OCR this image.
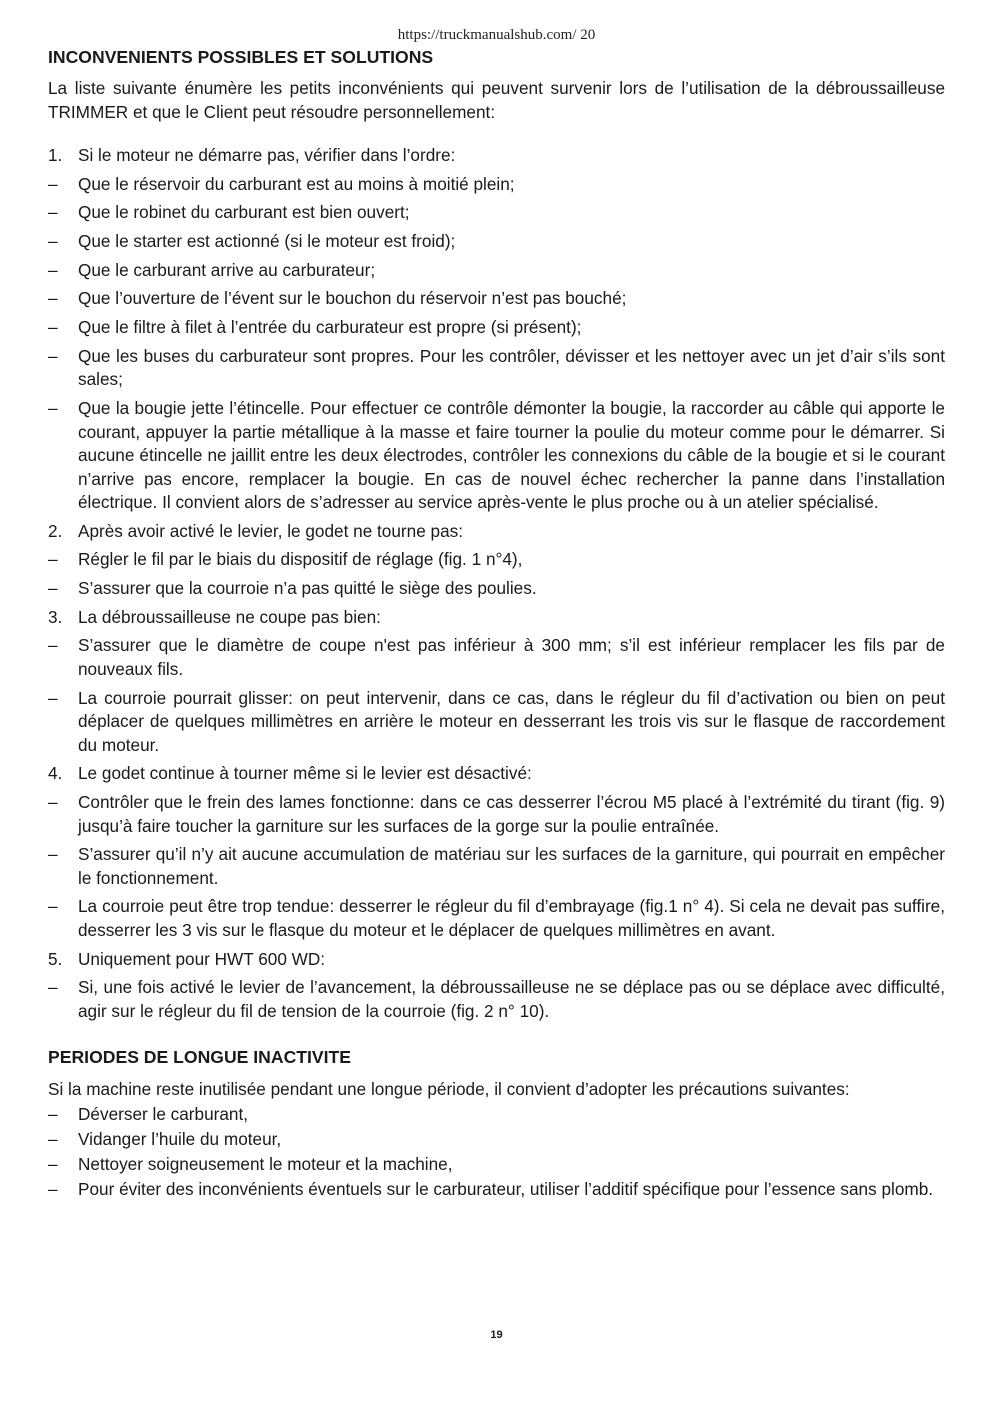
https://truckmanualshub.com/ 20
INCONVENIENTS POSSIBLES ET SOLUTIONS

La liste suivante énumère les petits inconvénients qui peuvent survenir lors de l’utilisation de la débroussailleuse TRIMMER et que le Client peut résoudre personnellement:

1. Si le moteur ne démarre pas, vérifier dans l’ordre:
– Que le réservoir du carburant est au moins à moitié plein;
– Que le robinet du carburant est bien ouvert;
– Que le starter est actionné (si le moteur est froid);
– Que le carburant arrive au carburateur;
– Que l’ouverture de l’évent sur le bouchon du réservoir n’est pas bouché;
– Que le filtre à filet à l’entrée du carburateur est propre (si présent);
– Que les buses du carburateur sont propres. Pour les contrôler, dévisser et les nettoyer avec un jet d’air s’ils sont sales;
– Que la bougie jette l’étincelle. Pour effectuer ce contrôle démonter la bougie, la raccorder au câble qui apporte le courant, appuyer la partie métallique à la masse et faire tourner la poulie du moteur comme pour le démarrer. Si aucune étincelle ne jaillit entre les deux électrodes, contrôler les connexions du câble de la bougie et si le courant n’arrive pas encore, remplacer la bougie. En cas de nouvel échec rechercher la panne dans l’installation électrique. Il convient alors de s’adresser au service après-vente le plus proche ou à un atelier spécialisé.
2. Après avoir activé le levier, le godet ne tourne pas:
– Régler le fil par le biais du dispositif de réglage (fig. 1 n°4),
– S’assurer que la courroie n’a pas quitté le siège des poulies.
3. La débroussailleuse ne coupe pas bien:
– S’assurer que le diamètre de coupe n'est pas inférieur à 300 mm; s’il est inférieur remplacer les fils par de nouveaux fils.
– La courroie pourrait glisser: on peut intervenir, dans ce cas, dans le régleur du fil d’activation ou bien on peut déplacer de quelques millimètres en arrière le moteur en desserrant les trois vis sur le flasque de raccordement du moteur.
4. Le godet continue à tourner même si le levier est désactivé:
– Contrôler que le frein des lames fonctionne: dans ce cas desserrer l’écrou M5 placé à l’extrémité du tirant (fig. 9) jusqu’à faire toucher la garniture sur les surfaces de la gorge sur la poulie entraînée.
– S’assurer qu’il n’y ait aucune accumulation de matériau sur les surfaces de la garniture, qui pourrait en empêcher le fonctionnement.
– La courroie peut être trop tendue: desserrer le régleur du fil d’embrayage (fig.1 n° 4). Si cela ne devait pas suffire, desserrer les 3 vis sur le flasque du moteur et le déplacer de quelques millimètres en avant.
5. Uniquement pour HWT 600 WD:
– Si, une fois activé le levier de l’avancement, la débroussailleuse ne se déplace pas ou se déplace avec difficulté, agir sur le régleur du fil de tension de la courroie (fig. 2 n° 10).
PERIODES DE LONGUE INACTIVITE

Si la machine reste inutilisée pendant une longue période, il convient d’adopter les précautions suivantes:

– Déverser le carburant,
– Vidanger l’huile du moteur,
– Nettoyer soigneusement le moteur et la machine,
– Pour éviter des inconvénients éventuels sur le carburateur, utiliser l’additif spécifique pour l’essence sans plomb.
19
